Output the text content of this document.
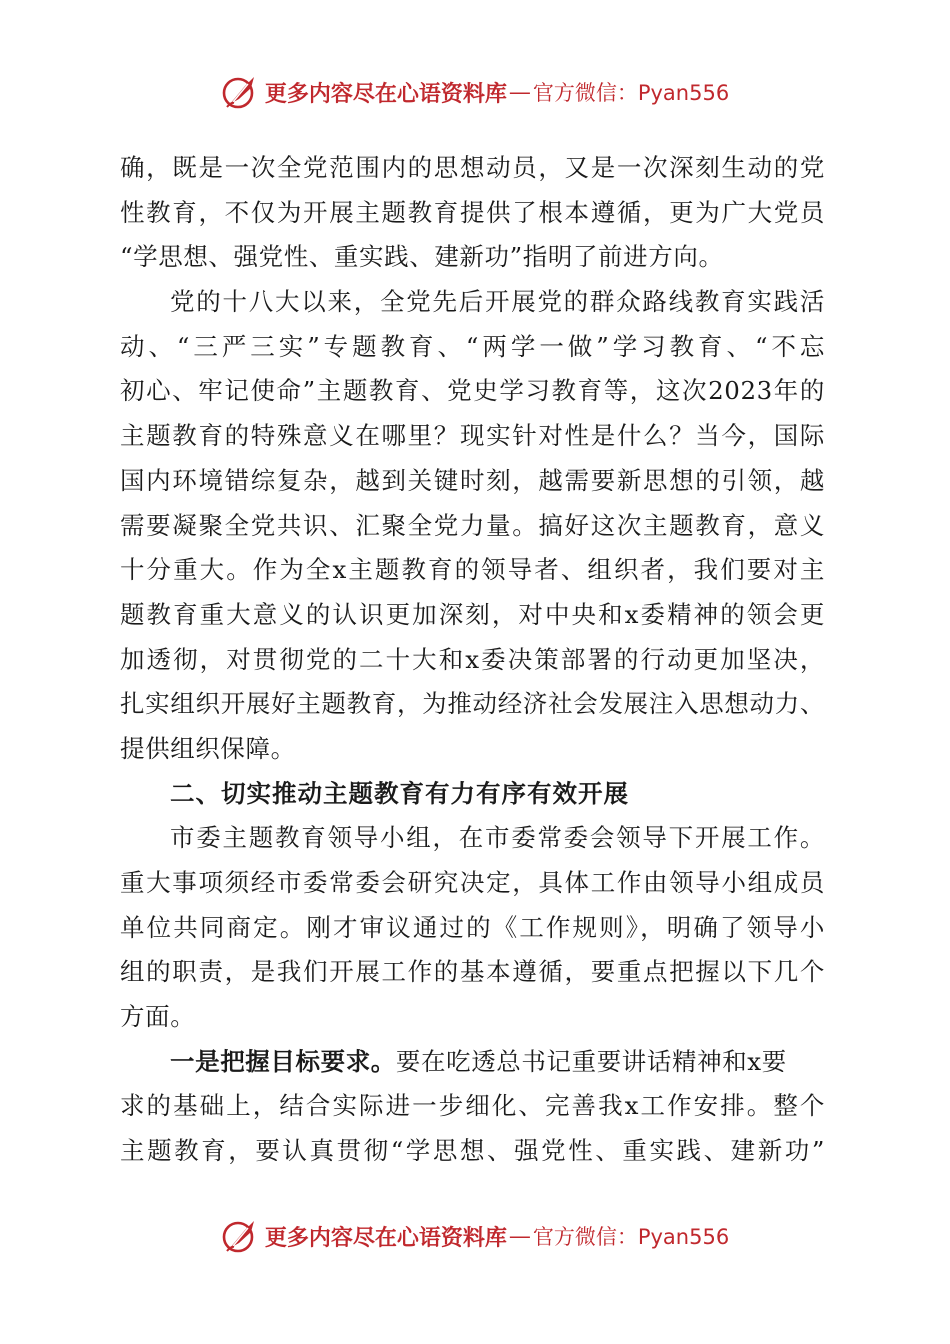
更多内容尽在心语资料库 — 官方微信：Pyan556
确，既是一次全党范围内的思想动员，又是一次深刻生动的党
性教育，不仅为开展主题教育提供了根本遵循，更为广大党员
“学思想、强党性、重实践、建新功”指明了前进方向。
党的十八大以来，全党先后开展党的群众路线教育实践活
动、“三严三实”专题教育、“两学一做”学习教育、“不忘
初心、牢记使命”主题教育、党史学习教育等，这次2023年的
主题教育的特殊意义在哪里？现实针对性是什么？当今，国际
国内环境错综复杂，越到关键时刻，越需要新思想的引领，越
需要凝聚全党共识、汇聚全党力量。搞好这次主题教育，意义
十分重大。作为全x主题教育的领导者、组织者，我们要对主
题教育重大意义的认识更加深刻，对中央和x委精神的领会更
加透彻，对贯彻党的二十大和x委决策部署的行动更加坚决，
扎实组织开展好主题教育，为推动经济社会发展注入思想动力、
提供组织保障。
二、切实推动主题教育有力有序有效开展
市委主题教育领导小组，在市委常委会领导下开展工作。
重大事项须经市委常委会研究决定，具体工作由领导小组成员
单位共同商定。刚才审议通过的《工作规则》，明确了领导小
组的职责，是我们开展工作的基本遵循，要重点把握以下几个
方面。
一是把握目标要求。要在吃透总书记重要讲话精神和x要
求的基础上，结合实际进一步细化、完善我x工作安排。整个
主题教育，要认真贯彻“学思想、强党性、重实践、建新功”
更多内容尽在心语资料库 — 官方微信：Pyan556
